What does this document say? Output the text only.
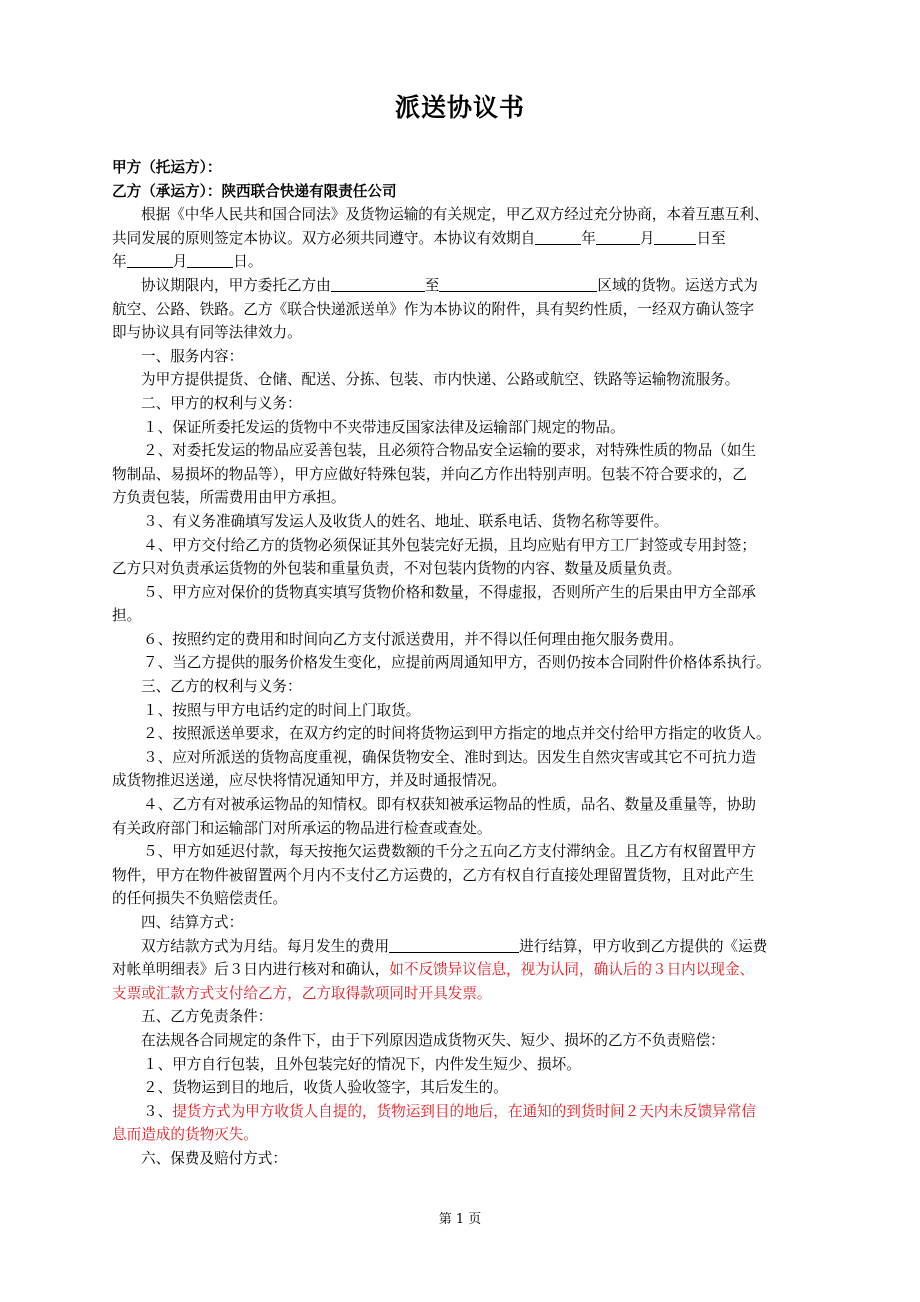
派送协议书
甲方（托运方）：
乙方（承运方）：陕西联合快递有限责任公司
根据《中华人民共和国合同法》及货物运输的有关规定，甲乙双方经过充分协商，本着互惠互利、
共同发展的原则签定本协议。双方必须共同遵守。本协议有效期自	年	月	日至
年	月	日。
协议期限内，甲方委托乙方由	至	区域的货物。运送方式为
航空、公路、铁路。乙方《联合快递派送单》作为本协议的附件，具有契约性质，一经双方确认签字
即与协议具有同等法律效力。
一、服务内容：
为甲方提供提货、仓储、配送、分拣、包装、市内快递、公路或航空、铁路等运输物流服务。
二、甲方的权利与义务：
１、保证所委托发运的货物中不夹带违反国家法律及运输部门规定的物品。
２、对委托发运的物品应妥善包装，且必须符合物品安全运输的要求，对特殊性质的物品（如生
物制品、易损坏的物品等），甲方应做好特殊包装，并向乙方作出特别声明。包装不符合要求的，乙
方负责包装，所需费用由甲方承担。
３、有义务准确填写发运人及收货人的姓名、地址、联系电话、货物名称等要件。
４、甲方交付给乙方的货物必须保证其外包装完好无损，且均应贴有甲方工厂封签或专用封签；
乙方只对负责承运货物的外包装和重量负责，不对包装内货物的内容、数量及质量负责。
５、甲方应对保价的货物真实填写货物价格和数量，不得虚报，否则所产生的后果由甲方全部承
担。
６、按照约定的费用和时间向乙方支付派送费用，并不得以任何理由拖欠服务费用。
７、当乙方提供的服务价格发生变化，应提前两周通知甲方，否则仍按本合同附件价格体系执行。
三、乙方的权利与义务：
１、按照与甲方电话约定的时间上门取货。
２、按照派送单要求，在双方约定的时间将货物运到甲方指定的地点并交付给甲方指定的收货人。
３、应对所派送的货物高度重视，确保货物安全、准时到达。因发生自然灾害或其它不可抗力造
成货物推迟送递，应尽快将情况通知甲方，并及时通报情况。
４、乙方有对被承运物品的知情权。即有权获知被承运物品的性质，品名、数量及重量等，协助
有关政府部门和运输部门对所承运的物品进行检查或查处。
５、甲方如延迟付款，每天按拖欠运费数额的千分之五向乙方支付滞纳金。且乙方有权留置甲方
物件，甲方在物件被留置两个月内不支付乙方运费的，乙方有权自行直接处理留置货物，且对此产生
的任何损失不负赔偿责任。
四、结算方式：
双方结款方式为月结。每月发生的费用	进行结算，甲方收到乙方提供的《运费
对帐单明细表》后３日内进行核对和确认，如不反馈异议信息，视为认同，确认后的３日内以现金、
支票或汇款方式支付给乙方，乙方取得款项同时开具发票。
五、乙方免责条件：
在法规各合同规定的条件下，由于下列原因造成货物灭失、短少、损坏的乙方不负责赔偿：
１、甲方自行包装，且外包装完好的情况下，内件发生短少、损坏。
２、货物运到目的地后，收货人验收签字，其后发生的。
３、提货方式为甲方收货人自提的，货物运到目的地后，在通知的到货时间２天内未反馈异常信
息而造成的货物灭失。
六、保费及赔付方式：
第 1 页
